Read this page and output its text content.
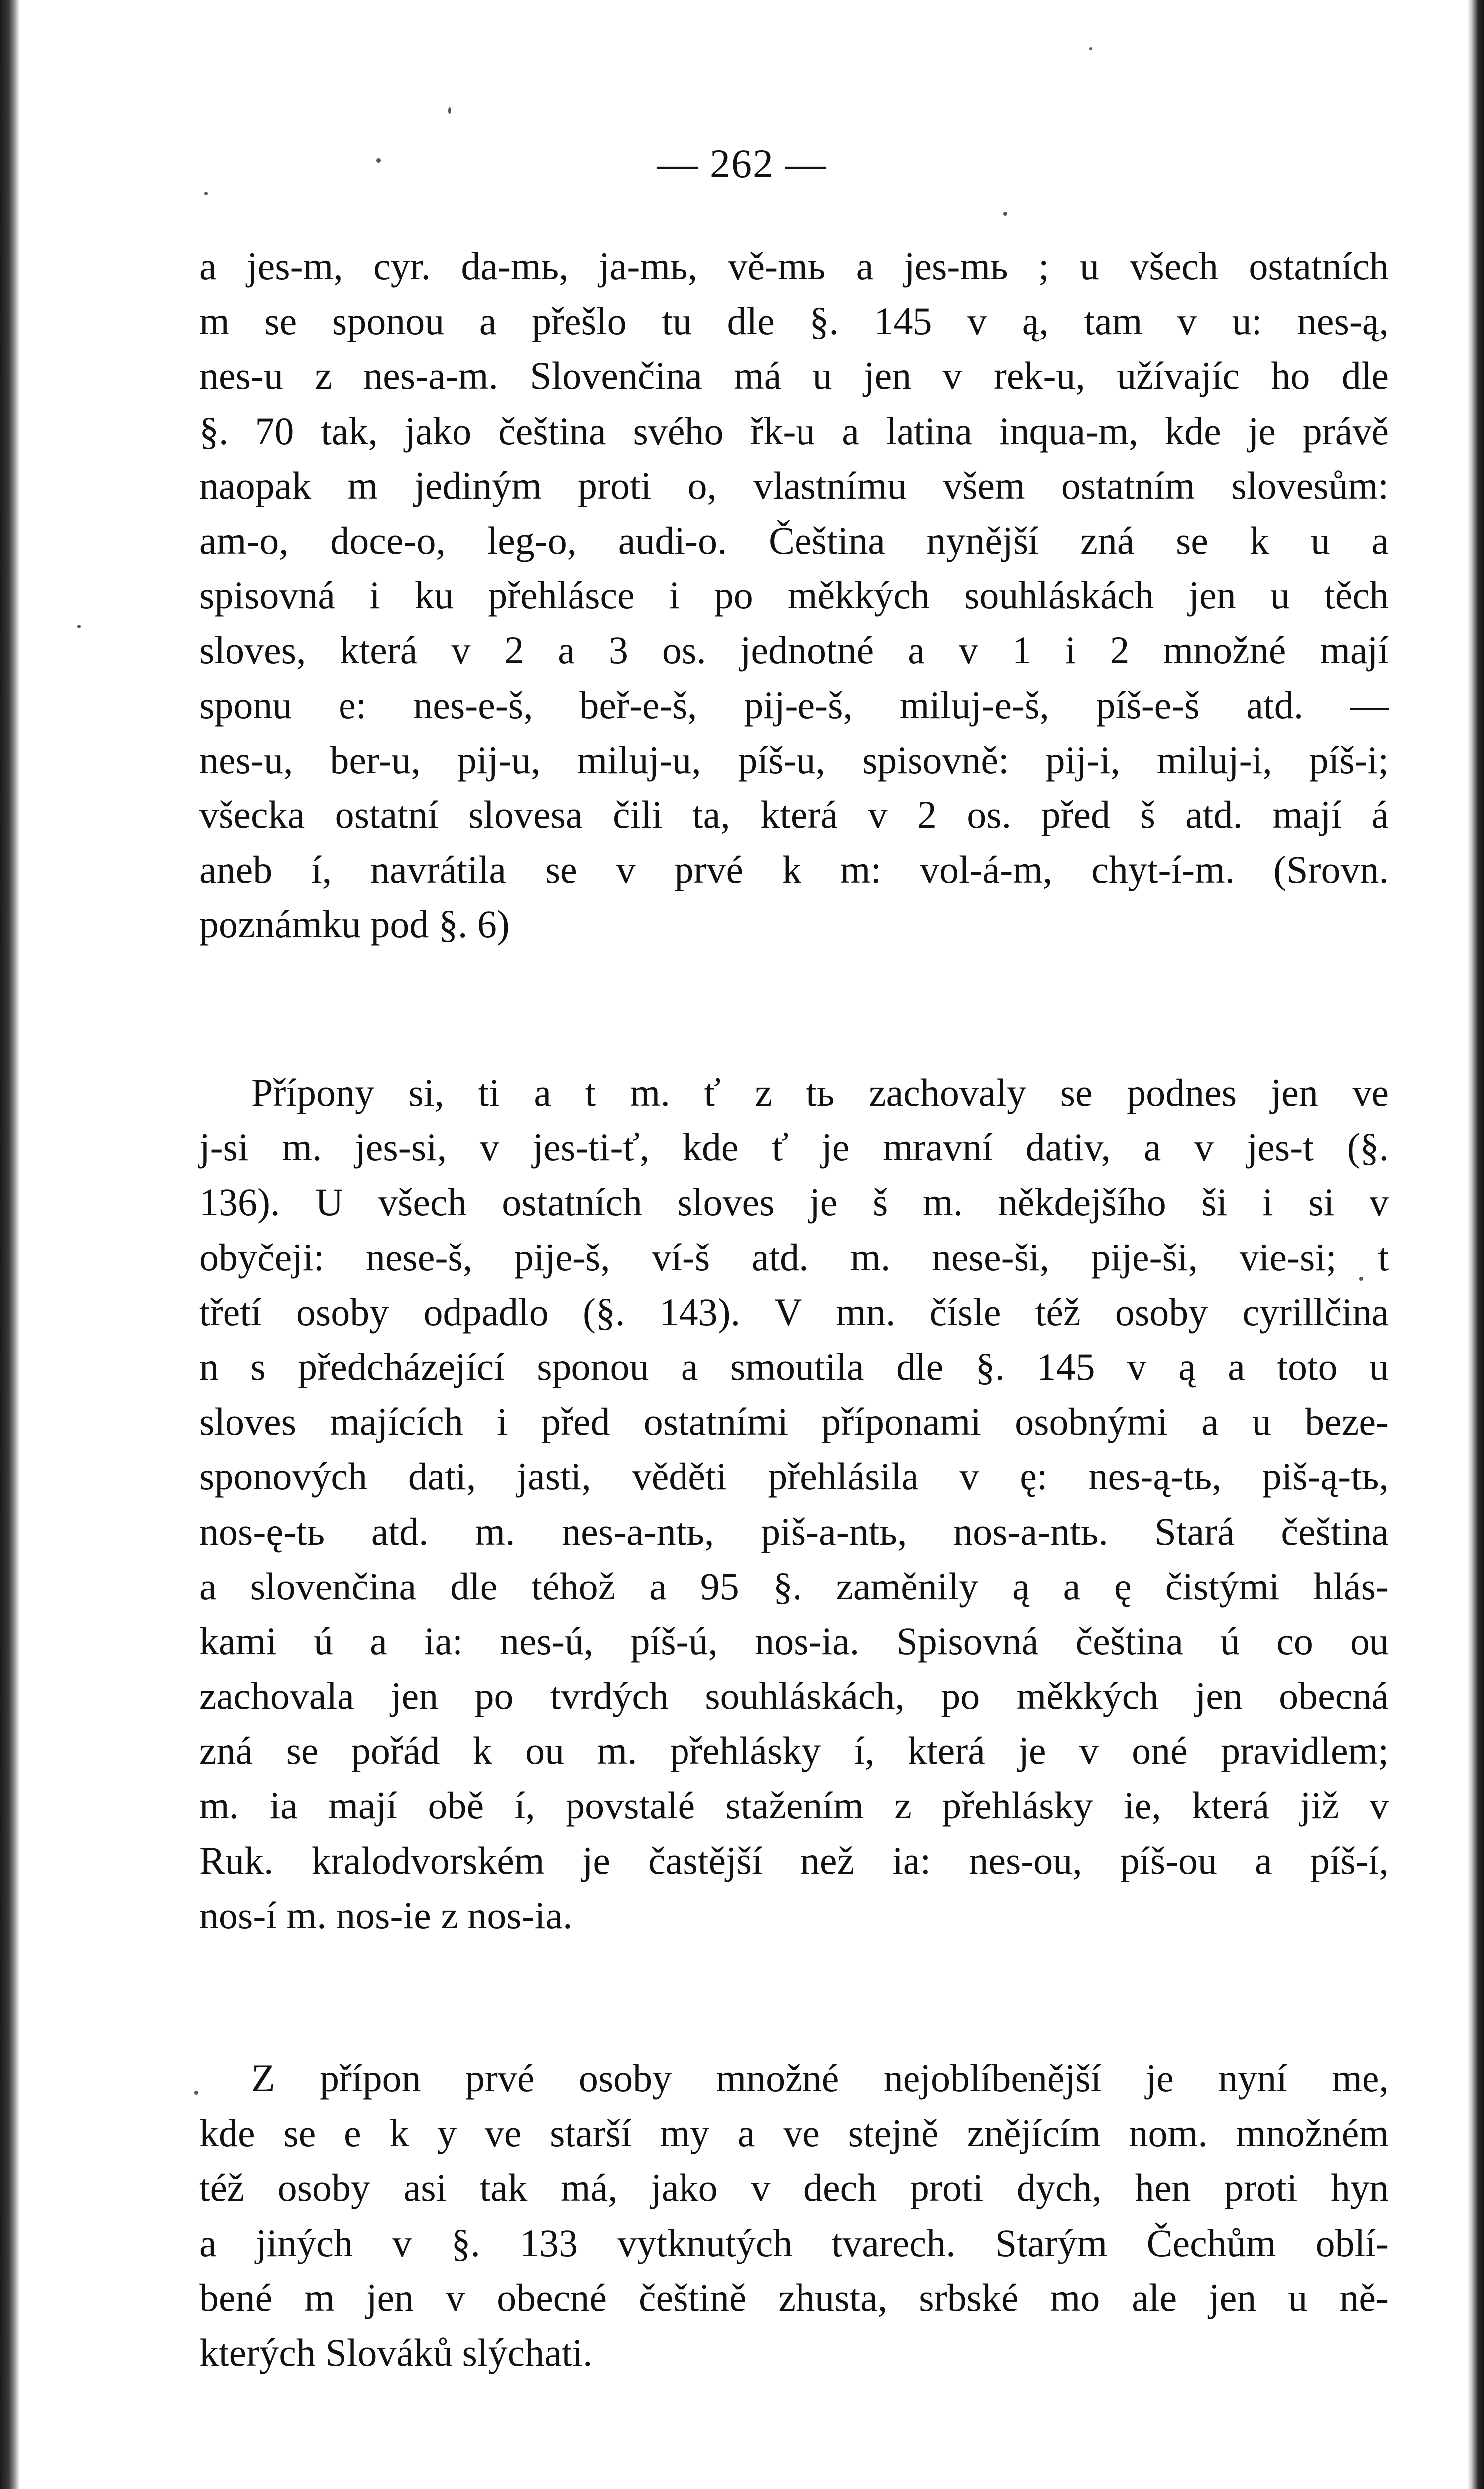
— 262 —
a jes-m, cyr. da-mь, ja-mь, vě-mь a jes-mь ; u všech ostatních
m se sponou a přešlo tu dle §. 145 v ą, tam v u: nes-ą,
nes-u z nes-a-m. Slovenčina má u jen v rek-u, užívajíc ho dle
§. 70 tak, jako čeština svého řk-u a latina inqua-m, kde je právě
naopak m jediným proti o, vlastnímu všem ostatním slovesům:
am-o, doce-o, leg-o, audi-o. Čeština nynější zná se k u a
spisovná i ku přehlásce i po měkkých souhláskách jen u těch
sloves, která v 2 a 3 os. jednotné a v 1 i 2 množné mají
sponu e: nes-e-š, beř-e-š, pij-e-š, miluj-e-š, píš-e-š atd. —
nes-u, ber-u, pij-u, miluj-u, píš-u, spisovně: pij-i, miluj-i, píš-i;
všecka ostatní slovesa čili ta, která v 2 os. před š atd. mají á
aneb í, navrátila se v prvé k m: vol-á-m, chyt-í-m. (Srovn.
poznámku pod §. 6)
Přípony si, ti a t m. ť z tь zachovaly se podnes jen ve
j-si m. jes-si, v jes-ti-ť, kde ť je mravní dativ, a v jes-t (§.
136). U všech ostatních sloves je š m. někdejšího ši i si v
obyčeji: nese-š, pije-š, ví-š atd. m. nese-ši, pije-ši, vie-si; t
třetí osoby odpadlo (§. 143). V mn. čísle též osoby cyrillčina
n s předcházející sponou a smoutila dle §. 145 v ą a toto u
sloves majících i před ostatními příponami osobnými a u beze-
sponových dati, jasti, věděti přehlásila v ę: nes-ą-tь, piš-ą-tь,
nos-ę-tь atd. m. nes-a-ntь, piš-a-ntь, nos-a-ntь. Stará čeština
a slovenčina dle téhož a 95 §. zaměnily ą a ę čistými hlás-
kami ú a ia: nes-ú, píš-ú, nos-ia. Spisovná čeština ú co ou
zachovala jen po tvrdých souhláskách, po měkkých jen obecná
zná se pořád k ou m. přehlásky í, která je v oné pravidlem;
m. ia mají obě í, povstalé stažením z přehlásky ie, která již v
Ruk. kralodvorském je častější než ia: nes-ou, píš-ou a píš-í,
nos-í m. nos-ie z nos-ia.
Z přípon prvé osoby množné nejoblíbenější je nyní me,
kde se e k y ve starší my a ve stejně znějícím nom. množném
též osoby asi tak má, jako v dech proti dych, hen proti hyn
a jiných v §. 133 vytknutých tvarech. Starým Čechům oblí-
bené m jen v obecné češtině zhusta, srbské mo ale jen u ně-
kterých Slováků slýchati.
